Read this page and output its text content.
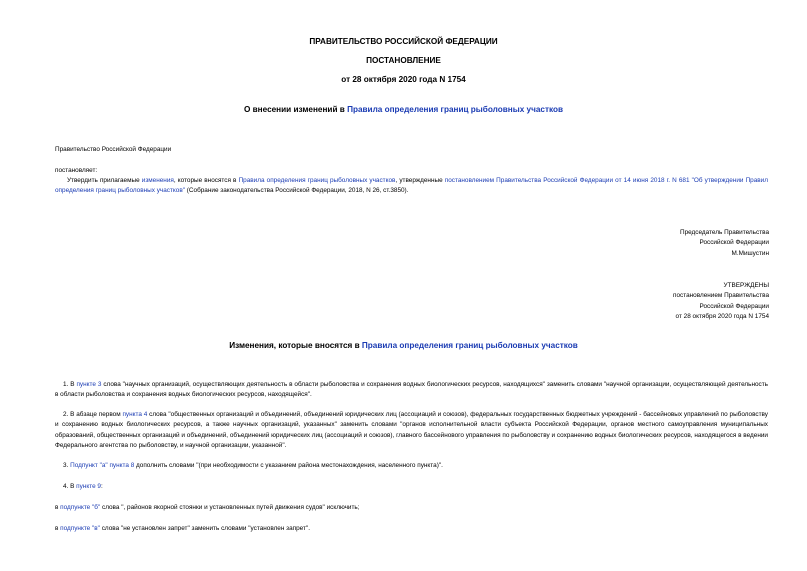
ПРАВИТЕЛЬСТВО РОССИЙСКОЙ ФЕДЕРАЦИИ
ПОСТАНОВЛЕНИЕ
от 28 октября 2020 года N 1754
О внесении изменений в Правила определения границ рыболовных участков
Правительство Российской Федерации
постановляет:
Утвердить прилагаемые изменения, которые вносятся в Правила определения границ рыболовных участков, утвержденные постановлением Правительства Российской Федерации от 14 июня 2018 г. N 681 "Об утверждении Правил определения границ рыболовных участков" (Собрание законодательства Российской Федерации, 2018, N 26, ст.3850).
Председатель Правительства
Российской Федерации
М.Мишустин
УТВЕРЖДЕНЫ
постановлением Правительства
Российской Федерации
от 28 октября 2020 года N 1754
Изменения, которые вносятся в Правила определения границ рыболовных участков
1. В пункте 3 слова "научных организаций, осуществляющих деятельность в области рыболовства и сохранения водных биологических ресурсов, находящихся" заменить словами "научной организации, осуществляющей деятельность в области рыболовства и сохранения водных биологических ресурсов, находящейся".
2. В абзаце первом пункта 4 слова "общественных организаций и объединений, объединений юридических лиц (ассоциаций и союзов), федеральных государственных бюджетных учреждений - бассейновых управлений по рыболовству и сохранению водных биологических ресурсов, а также научных организаций, указанных" заменить словами "органов исполнительной власти субъекта Российской Федерации, органов местного самоуправления муниципальных образований, общественных организаций и объединений, объединений юридических лиц (ассоциаций и союзов), главного бассейнового управления по рыболовству и сохранению водных биологических ресурсов, находящегося в ведении Федерального агентства по рыболовству, и научной организации, указанной".
3. Подпункт "а" пункта 8 дополнить словами "(при необходимости с указанием района местонахождения, населенного пункта)".
4. В пункте 9:
в подпункте "б" слова ", районов якорной стоянки и установленных путей движения судов" исключить;
в подпункте "в" слова "не установлен запрет" заменить словами "установлен запрет".
